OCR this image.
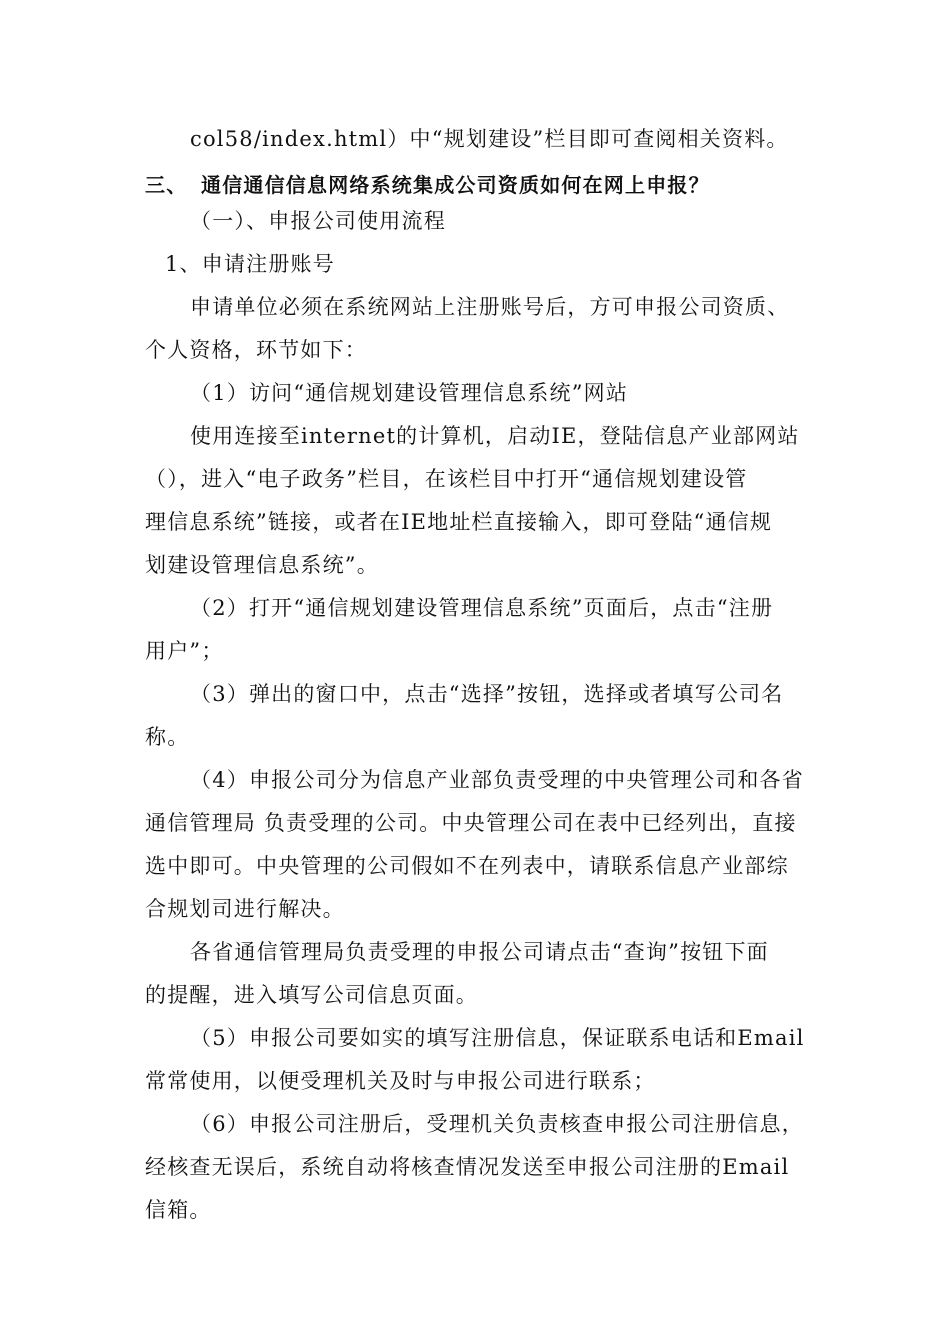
col58/index.html）中“规划建设”栏目即可查阅相关资料。
三、 通信通信信息网络系统集成公司资质如何在网上申报？
（一）、申报公司使用流程
1、申请注册账号
申请单位必须在系统网站上注册账号后，方可申报公司资质、
个人资格，环节如下：
（1）访问“通信规划建设管理信息系统”网站
使用连接至internet的计算机，启动IE，登陆信息产业部网站
（），进入“电子政务”栏目，在该栏目中打开“通信规划建设管
理信息系统”链接，或者在IE地址栏直接输入，即可登陆“通信规
划建设管理信息系统”。
（2）打开“通信规划建设管理信息系统”页面后，点击“注册
用户”；
（3）弹出的窗口中，点击“选择”按钮，选择或者填写公司名
称。
（4）申报公司分为信息产业部负责受理的中央管理公司和各省
通信管理局 负责受理的公司。中央管理公司在表中已经列出，直接
选中即可。中央管理的公司假如不在列表中，请联系信息产业部综
合规划司进行解决。
各省通信管理局负责受理的申报公司请点击“查询”按钮下面
的提醒，进入填写公司信息页面。
（5）申报公司要如实的填写注册信息，保证联系电话和Email
常常使用，以便受理机关及时与申报公司进行联系；
（6）申报公司注册后，受理机关负责核查申报公司注册信息，
经核查无误后，系统自动将核查情况发送至申报公司注册的Email
信箱。
